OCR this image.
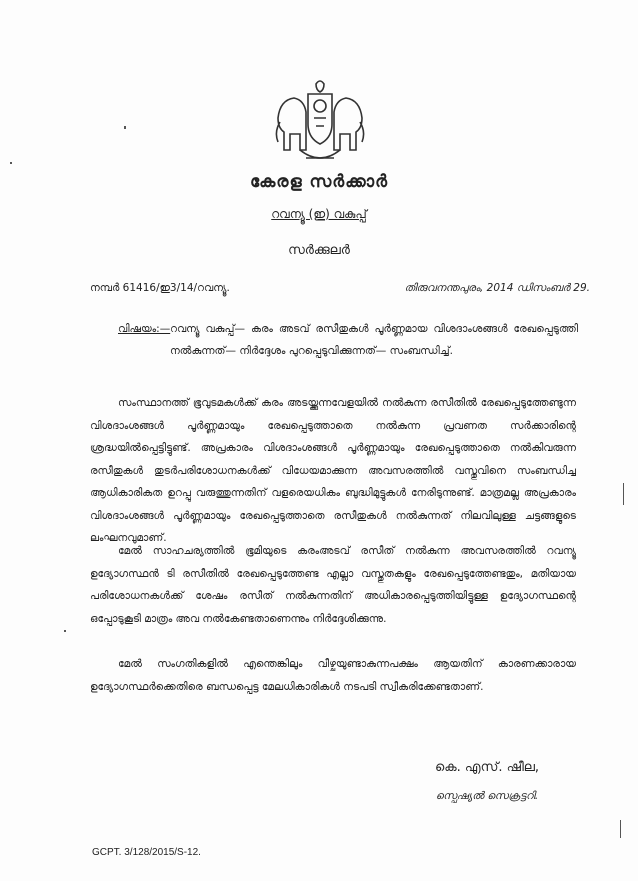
കേരള സർക്കാർ
റവന്യൂ (ഇ) വകുപ്പ്
സർക്കുലർ
നമ്പർ 61416/ഇ3/14/റവന്യൂ.	തിരുവനന്തപുരം, 2014 ഡിസംബർ 29.
വിഷയം:— റവന്യൂ വകുപ്പ്— കരം അടവ് രസീതുകൾ പൂർണ്ണമായ വിശദാംശങ്ങൾ രേഖപ്പെടുത്തി നൽകുന്നത്— നിർദ്ദേശം പുറപ്പെടുവിക്കുന്നത്— സംബന്ധിച്ച്.
സംസ്ഥാനത്ത് ഭൂവുടമകൾക്ക് കരം അടയ്ക്കുന്നവേളയിൽ നൽകുന്ന രസീതിൽ രേഖപ്പെടുത്തേണ്ടുന്ന വിശദാംശങ്ങൾ പൂർണ്ണമായും രേഖപ്പെടുത്താതെ നൽകുന്ന പ്രവണത സർക്കാരിന്റെ ശ്രദ്ധയിൽപ്പെട്ടിട്ടുണ്ട്. അപ്രകാരം വിശദാംശങ്ങൾ പൂർണ്ണമായും രേഖപ്പെടുത്താതെ നൽകിവരുന്ന രസീതുകൾ തുടർപരിശോധനകൾക്ക് വിധേയമാക്കുന്ന അവസരത്തിൽ വസ്തുവിനെ സംബന്ധിച്ച ആധികാരികത ഉറപ്പു വരുത്തുന്നതിന് വളരെയധികം ബുദ്ധിമുട്ടുകൾ നേരിടുന്നുണ്ട്. മാത്രമല്ല അപ്രകാരം വിശദാംശങ്ങൾ പൂർണ്ണമായും രേഖപ്പെടുത്താതെ രസീതുകൾ നൽകുന്നത് നിലവിലുള്ള ചട്ടങ്ങളുടെ ലംഘനവുമാണ്.
മേൽ സാഹചര്യത്തിൽ ഭൂമിയുടെ കരംഅടവ് രസീത് നൽകുന്ന അവസരത്തിൽ റവന്യൂ ഉദ്യോഗസ്ഥൻ ടി രസീതിൽ രേഖപ്പെടുത്തേണ്ട എല്ലാ വസ്തുതകളും രേഖപ്പെടുത്തേണ്ടതും, മതിയായ പരിശോധനകൾക്ക് ശേഷം രസീത് നൽകുന്നതിന് അധികാരപ്പെടുത്തിയിട്ടുള്ള ഉദ്യോഗസ്ഥന്റെ ഒപ്പോടുകൂടി മാത്രം അവ നൽകേണ്ടതാണെന്നും നിർദ്ദേശിക്കുന്നു.
മേൽ സംഗതികളിൽ എന്തെങ്കിലും വീഴ്ചയുണ്ടാകുന്നപക്ഷം ആയതിന് കാരണക്കാരായ ഉദ്യോഗസ്ഥർക്കെതിരെ ബന്ധപ്പെട്ട മേലധികാരികൾ നടപടി സ്വീകരിക്കേണ്ടതാണ്.
കെ. എസ്. ഷീല,
സ്പെഷ്യൽ സെക്രട്ടറി.
GCPT. 3/128/2015/S-12.
